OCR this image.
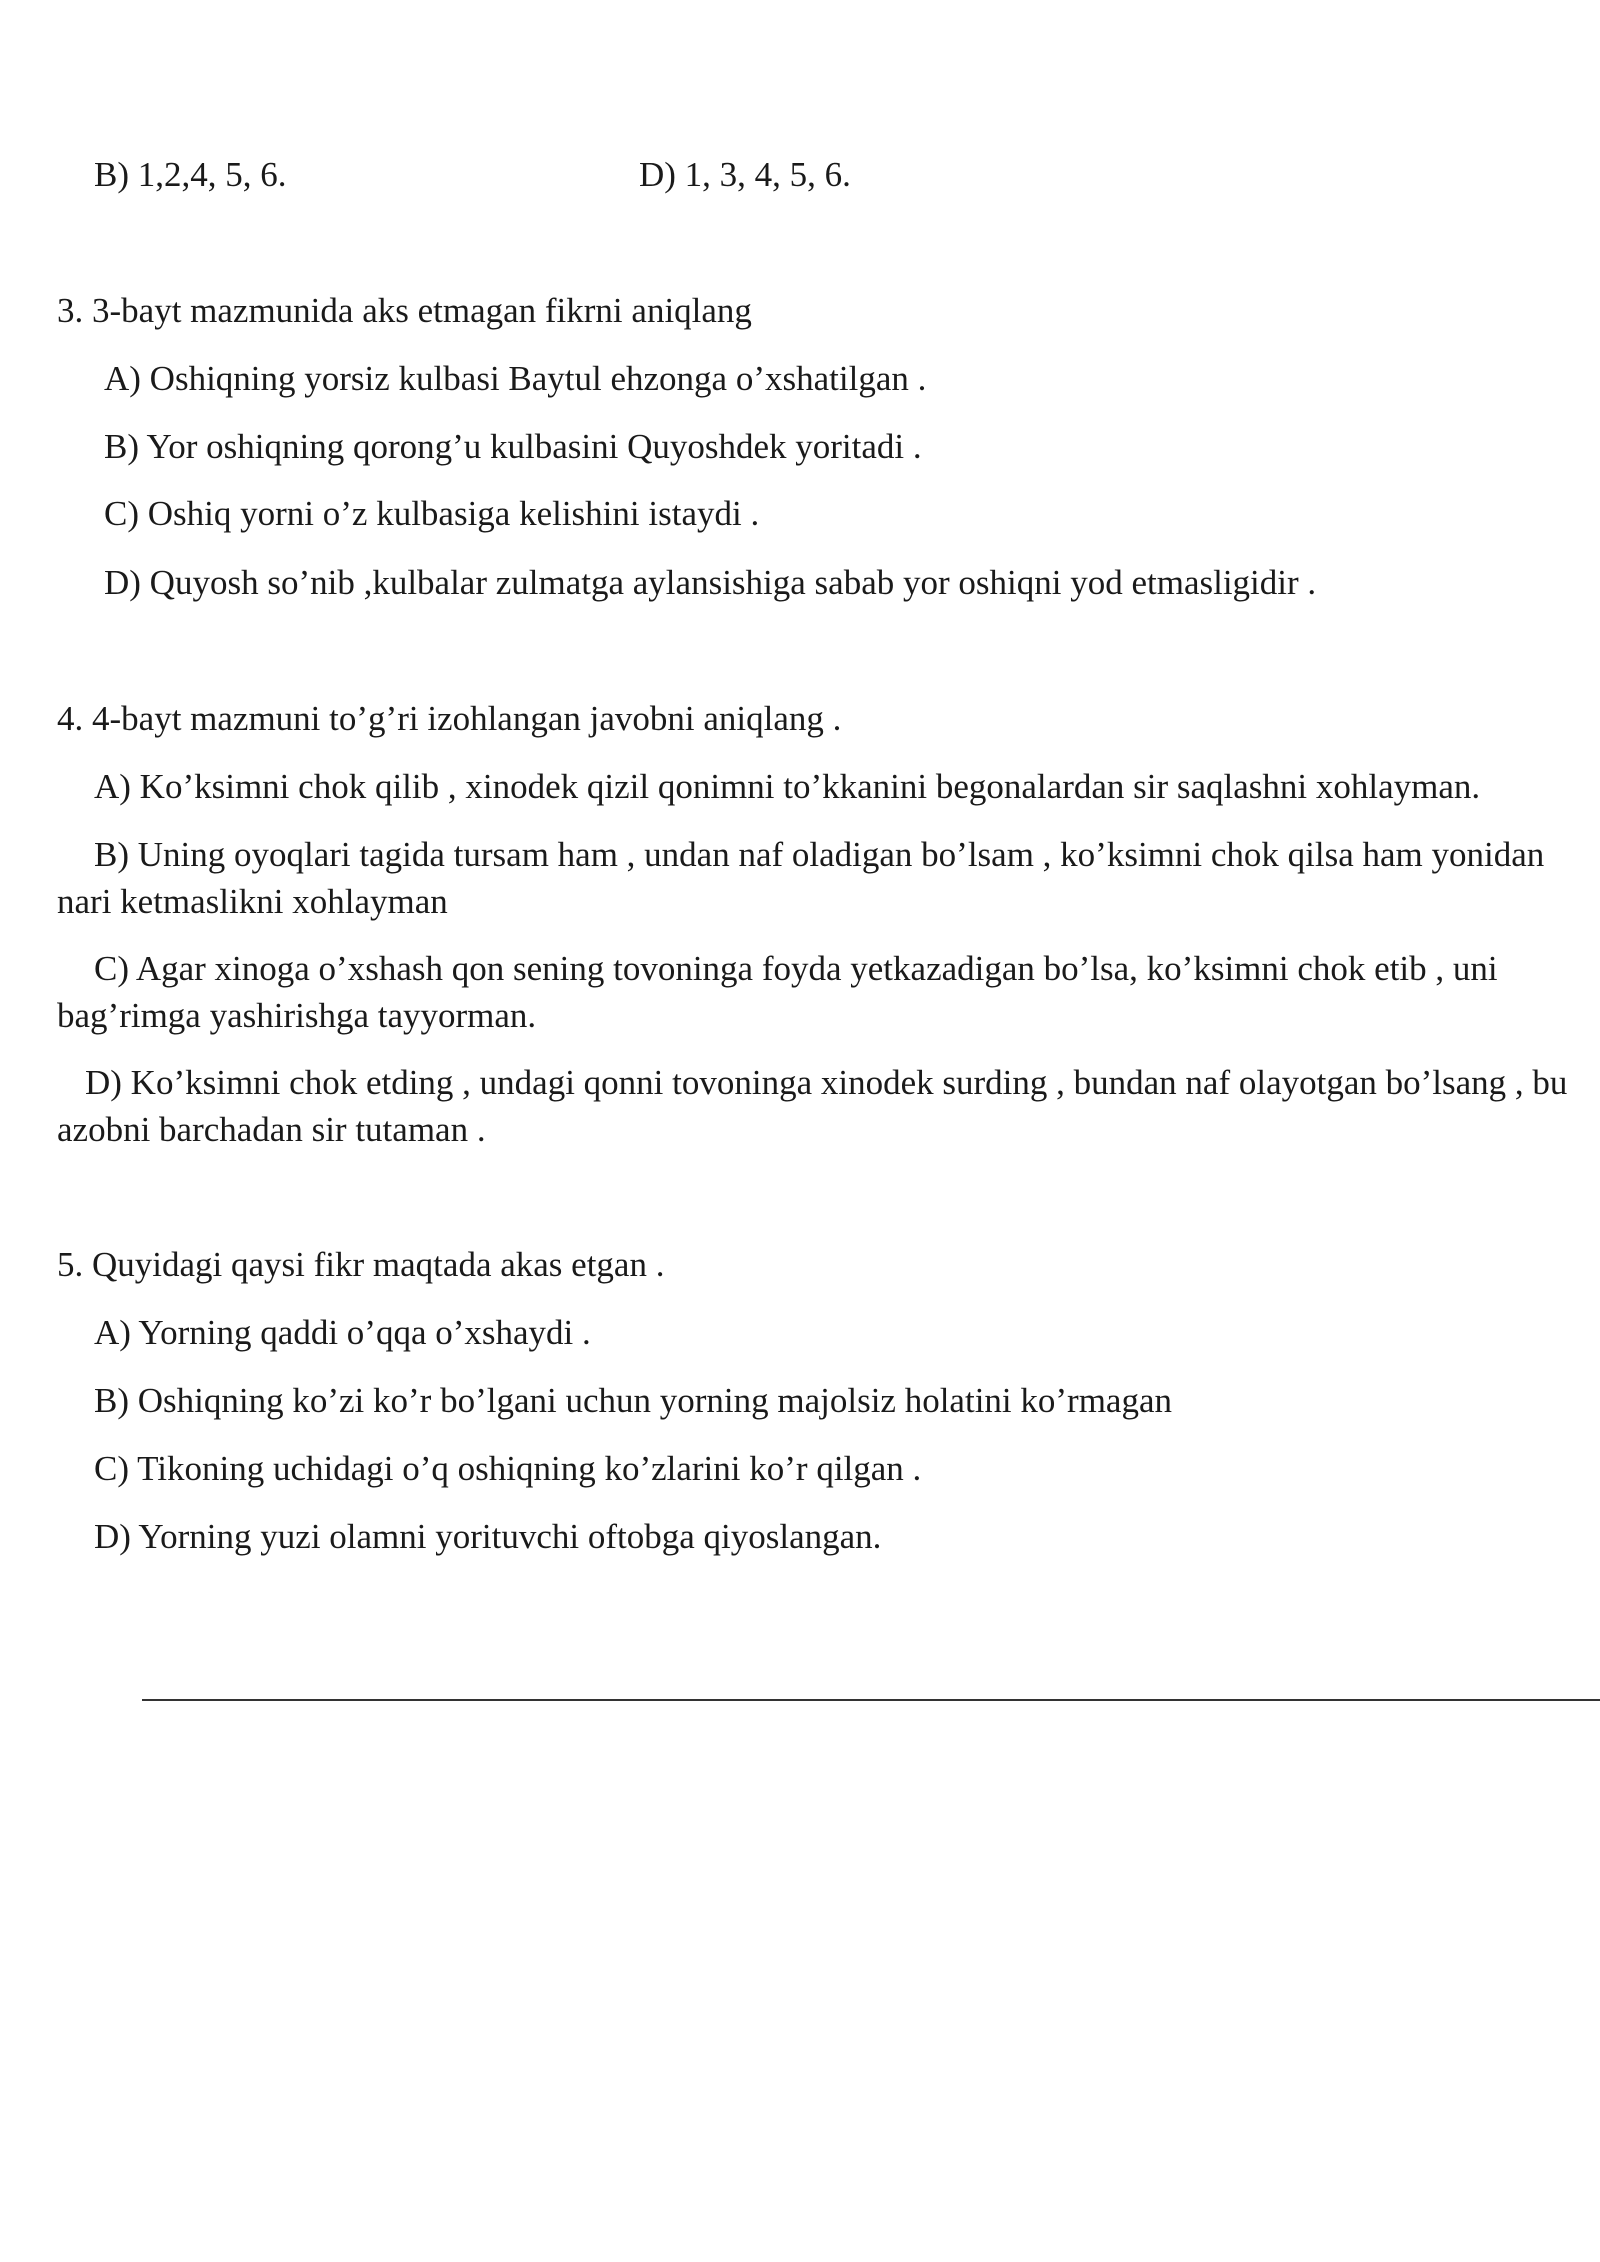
B) 1,2,4, 5, 6.	D) 1, 3, 4, 5, 6.
3. 3-bayt mazmunida aks etmagan fikrni aniqlang
A) Oshiqning yorsiz kulbasi Baytul ehzonga o’xshatilgan .
B) Yor oshiqning qorong’u kulbasini Quyoshdek yoritadi .
C) Oshiq yorni o’z kulbasiga kelishini istaydi .
D) Quyosh so’nib ,kulbalar zulmatga aylansishiga sabab yor oshiqni yod etmasligidir .
4. 4-bayt mazmuni to’g’ri izohlangan javobni aniqlang .
A) Ko’ksimni chok qilib , xinodek qizil qonimni to’kkanini begonalardan sir saqlashni xohlayman.
B) Uning oyoqlari tagida tursam ham , undan naf oladigan bo’lsam , ko’ksimni chok qilsa ham yonidan nari ketmaslikni xohlayman
C) Agar xinoga o’xshash qon sening tovoninga foyda yetkazadigan bo’lsa, ko’ksimni chok etib , uni bag’rimga yashirishga tayyorman.
D) Ko’ksimni chok etding , undagi qonni tovoninga xinodek surding , bundan naf olayotgan bo’lsang , bu azobni barchadan sir tutaman .
5. Quyidagi qaysi fikr maqtada akas etgan .
A) Yorning qaddi o’qqa o’xshaydi .
B) Oshiqning ko’zi ko’r bo’lgani uchun yorning majolsiz holatini ko’rmagan
C) Tikoning uchidagi o’q oshiqning ko’zlarini ko’r qilgan .
D) Yorning yuzi olamni yorituvchi oftobga qiyoslangan.
